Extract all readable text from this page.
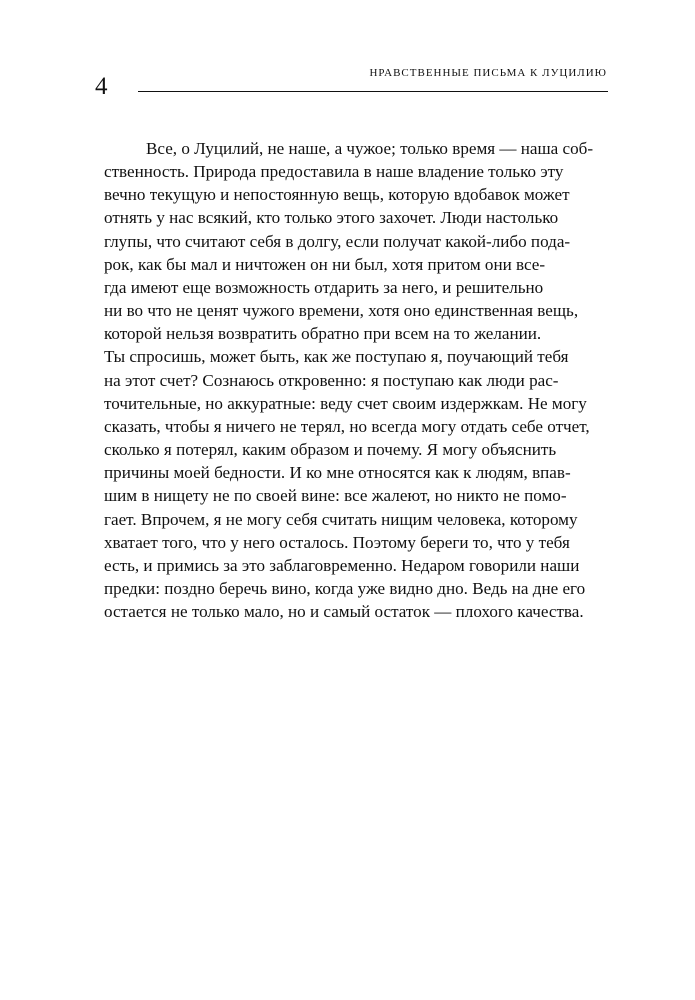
4	НРАВСТВЕННЫЕ ПИСЬМА К ЛУЦИЛИЮ
Все, о Луцилий, не наше, а чужое; только время — наша соб-
ственность. Природа предоставила в наше владение только эту
вечно текущую и непостоянную вещь, которую вдобавок может
отнять у нас всякий, кто только этого захочет. Люди настолько
глупы, что считают себя в долгу, если получат какой-либо пода-
рок, как бы мал и ничтожен он ни был, хотя притом они все-
гда имеют еще возможность отдарить за него, и решительно
ни во что не ценят чужого времени, хотя оно единственная вещь,
которой нельзя возвратить обратно при всем на то желании.
Ты спросишь, может быть, как же поступаю я, поучающий тебя
на этот счет? Сознаюсь откровенно: я поступаю как люди рас-
точительные, но аккуратные: веду счет своим издержкам. Не могу
сказать, чтобы я ничего не терял, но всегда могу отдать себе отчет,
сколько я потерял, каким образом и почему. Я могу объяснить
причины моей бедности. И ко мне относятся как к людям, впав-
шим в нищету не по своей вине: все жалеют, но никто не помо-
гает. Впрочем, я не могу себя считать нищим человека, которому
хватает того, что у него осталось. Поэтому береги то, что у тебя
есть, и примись за это заблаговременно. Недаром говорили наши
предки: поздно беречь вино, когда уже видно дно. Ведь на дне его
остается не только мало, но и самый остаток — плохого качества.
